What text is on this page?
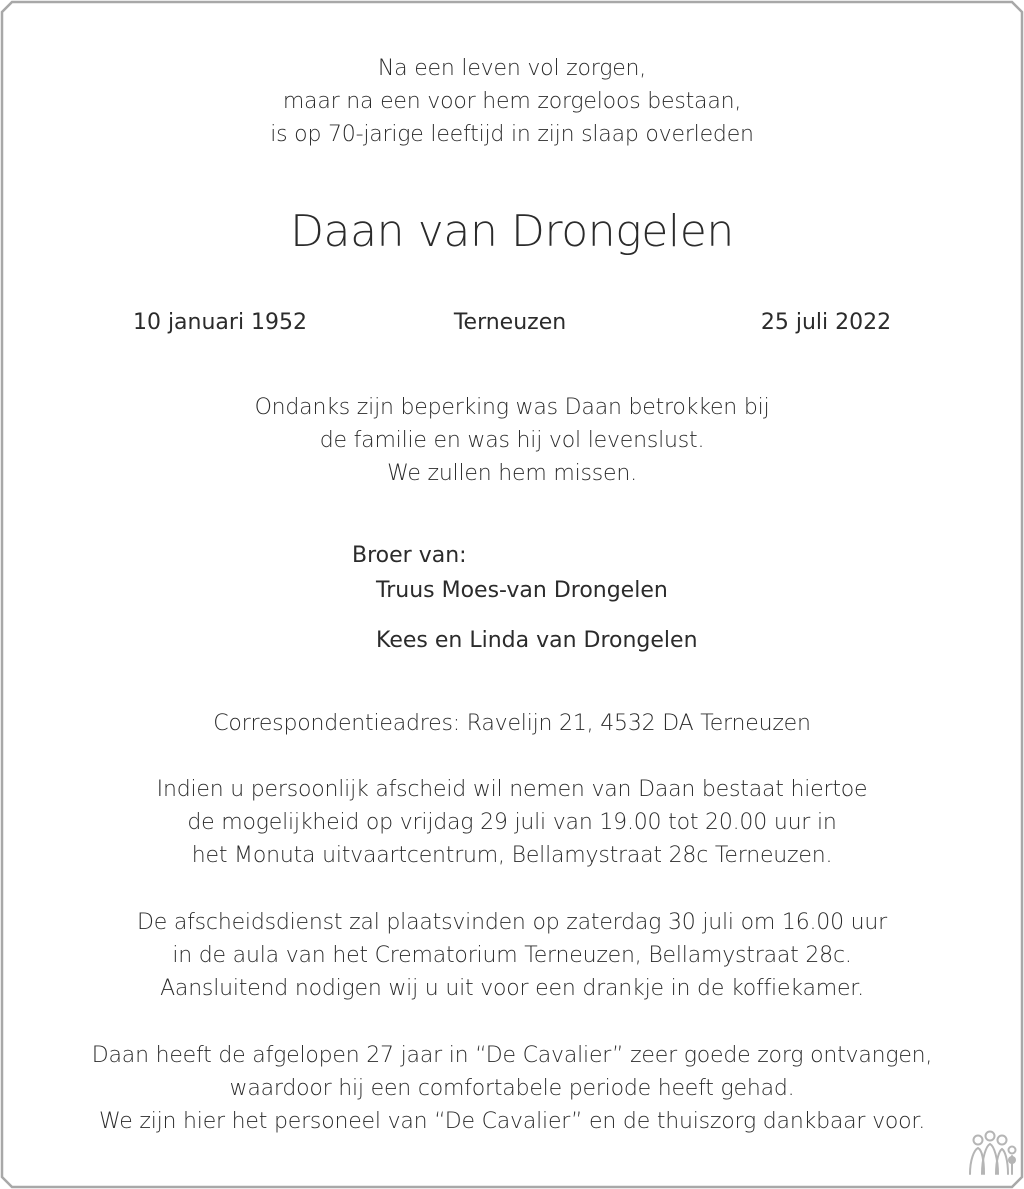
Na een leven vol zorgen,
maar na een voor hem zorgeloos bestaan,
is op 70-jarige leeftijd in zijn slaap overleden
Daan van Drongelen
10 januari 1952	Terneuzen	25 juli 2022
Ondanks zijn beperking was Daan betrokken bij
de familie en was hij vol levenslust.
We zullen hem missen.
Broer van:
Truus Moes-van Drongelen
Kees en Linda van Drongelen
Correspondentieadres: Ravelijn 21, 4532 DA Terneuzen
Indien u persoonlijk afscheid wil nemen van Daan bestaat hiertoe
de mogelijkheid op vrijdag 29 juli van 19.00 tot 20.00 uur in
het Monuta uitvaartcentrum, Bellamystraat 28c Terneuzen.
De afscheidsdienst zal plaatsvinden op zaterdag 30 juli om 16.00 uur
in de aula van het Crematorium Terneuzen, Bellamystraat 28c.
Aansluitend nodigen wij u uit voor een drankje in de koffiekamer.
Daan heeft de afgelopen 27 jaar in “De Cavalier” zeer goede zorg ontvangen,
waardoor hij een comfortabele periode heeft gehad.
We zijn hier het personeel van “De Cavalier” en de thuiszorg dankbaar voor.
